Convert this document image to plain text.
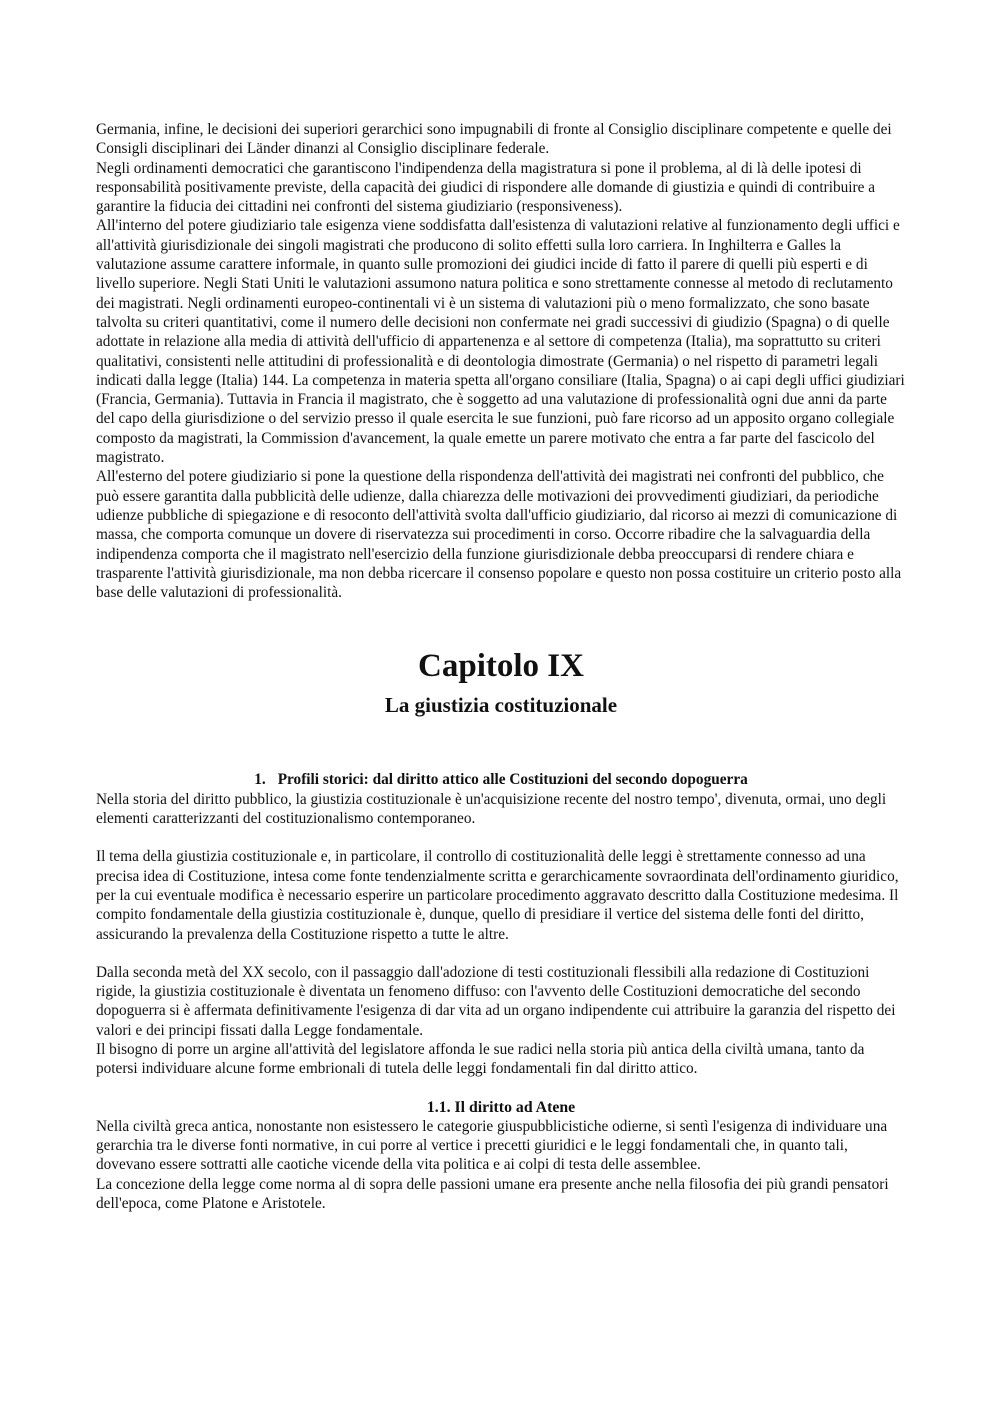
Germania, infine, le decisioni dei superiori gerarchici sono impugnabili di fronte al Consiglio disciplinare competente e quelle dei Consigli disciplinari dei Länder dinanzi al Consiglio disciplinare federale.

Negli ordinamenti democratici che garantiscono l'indipendenza della magistratura si pone il problema, al di là delle ipotesi di responsabilità positivamente previste, della capacità dei giudici di rispondere alle domande di giustizia e quindi di contribuire a garantire la fiducia dei cittadini nei confronti del sistema giudiziario (responsiveness).

All'interno del potere giudiziario tale esigenza viene soddisfatta dall'esistenza di valutazioni relative al funzionamento degli uffici e all'attività giurisdizionale dei singoli magistrati che producono di solito effetti sulla loro carriera. In Inghilterra e Galles la valutazione assume carattere informale, in quanto sulle promozioni dei giudici incide di fatto il parere di quelli più esperti e di livello superiore. Negli Stati Uniti le valutazioni assumono natura politica e sono strettamente connesse al metodo di reclutamento dei magistrati. Negli ordinamenti europeo-continentali vi è un sistema di valutazioni più o meno formalizzato, che sono basate talvolta su criteri quantitativi, come il numero delle decisioni non confermate nei gradi successivi di giudizio (Spagna) o di quelle adottate in relazione alla media di attività dell'ufficio di appartenenza e al settore di competenza (Italia), ma soprattutto su criteri qualitativi, consistenti nelle attitudini di professionalità e di deontologia dimostrate (Germania) o nel rispetto di parametri legali indicati dalla legge (Italia) 144. La competenza in materia spetta all'organo consiliare (Italia, Spagna) o ai capi degli uffici giudiziari (Francia, Germania). Tuttavia in Francia il magistrato, che è soggetto ad una valutazione di professionalità ogni due anni da parte del capo della giurisdizione o del servizio presso il quale esercita le sue funzioni, può fare ricorso ad un apposito organo collegiale composto da magistrati, la Commission d'avancement, la quale emette un parere motivato che entra a far parte del fascicolo del magistrato.

All'esterno del potere giudiziario si pone la questione della rispondenza dell'attività dei magistrati nei confronti del pubblico, che può essere garantita dalla pubblicità delle udienze, dalla chiarezza delle motivazioni dei provvedimenti giudiziari, da periodiche udienze pubbliche di spiegazione e di resoconto dell'attività svolta dall'ufficio giudiziario, dal ricorso ai mezzi di comunicazione di massa, che comporta comunque un dovere di riservatezza sui procedimenti in corso. Occorre ribadire che la salvaguardia della indipendenza comporta che il magistrato nell'esercizio della funzione giurisdizionale debba preoccuparsi di rendere chiara e trasparente l'attività giurisdizionale, ma non debba ricercare il consenso popolare e questo non possa costituire un criterio posto alla base delle valutazioni di professionalità.

Capitolo IX
La giustizia costituzionale
1. Profili storici: dal diritto attico alle Costituzioni del secondo dopoguerra

Nella storia del diritto pubblico, la giustizia costituzionale è un'acquisizione recente del nostro tempo', divenuta, ormai, uno degli elementi caratterizzanti del costituzionalismo contemporaneo.

Il tema della giustizia costituzionale e, in particolare, il controllo di costituzionalità delle leggi è strettamente connesso ad una precisa idea di Costituzione, intesa come fonte tendenzialmente scritta e gerarchicamente sovraordinata dell'ordinamento giuridico, per la cui eventuale modifica è necessario esperire un particolare procedimento aggravato descritto dalla Costituzione medesima. Il compito fondamentale della giustizia costituzionale è, dunque, quello di presidiare il vertice del sistema delle fonti del diritto, assicurando la prevalenza della Costituzione rispetto a tutte le altre.

Dalla seconda metà del XX secolo, con il passaggio dall'adozione di testi costituzionali flessibili alla redazione di Costituzioni rigide, la giustizia costituzionale è diventata un fenomeno diffuso: con l'avvento delle Costituzioni democratiche del secondo dopoguerra si è affermata definitivamente l'esigenza di dar vita ad un organo indipendente cui attribuire la garanzia del rispetto dei valori e dei principi fissati dalla Legge fondamentale.

Il bisogno di porre un argine all'attività del legislatore affonda le sue radici nella storia più antica della civiltà umana, tanto da potersi individuare alcune forme embrionali di tutela delle leggi fondamentali fin dal diritto attico.

1.1. Il diritto ad Atene

Nella civiltà greca antica, nonostante non esistessero le categorie giuspubblicistiche odierne, si sentì l'esigenza di individuare una gerarchia tra le diverse fonti normative, in cui porre al vertice i precetti giuridici e le leggi fondamentali che, in quanto tali, dovevano essere sottratti alle caotiche vicende della vita politica e ai colpi di testa delle assemblee.

La concezione della legge come norma al di sopra delle passioni umane era presente anche nella filosofia dei più grandi pensatori dell'epoca, come Platone e Aristotele.
